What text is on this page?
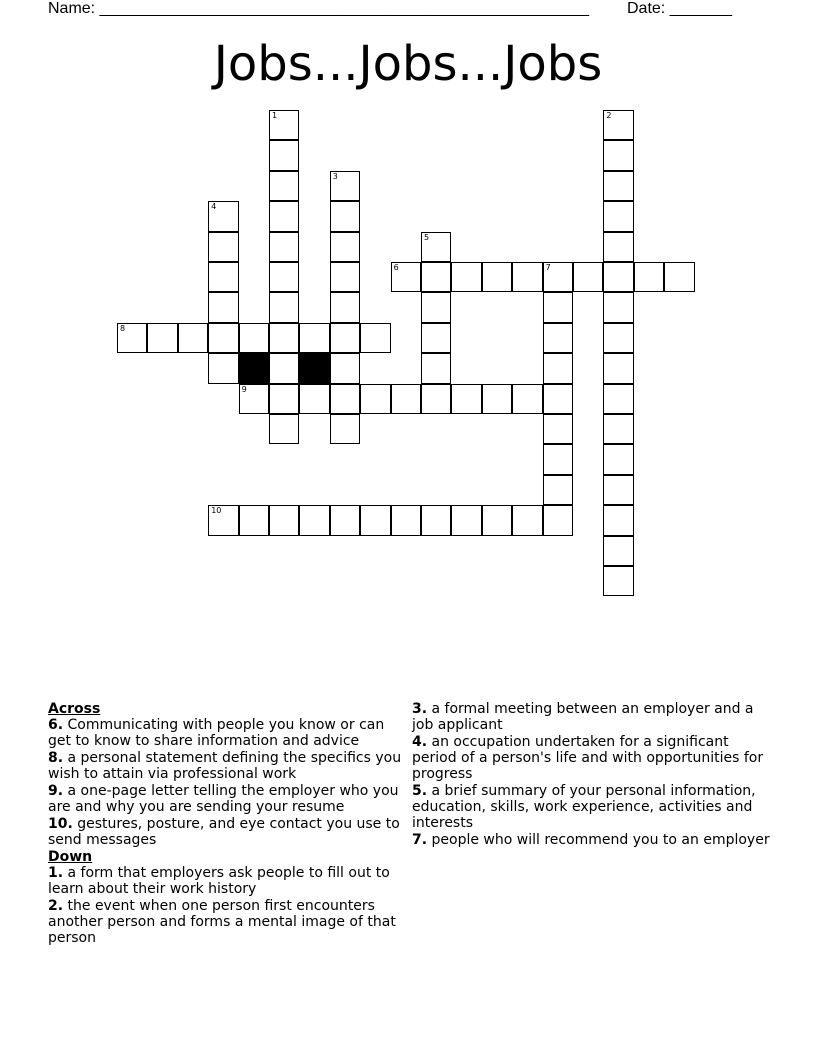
Name: _______________________________________________________ Date: _______
Jobs...Jobs...Jobs
6	7
8
9
10
1	2
3
4
5
Across
6. Communicating with people you know or can get to know to share information and advice
8. a personal statement defining the specifics you wish to attain via professional work
9. a one-page letter telling the employer who you are and why you are sending your resume
10. gestures, posture, and eye contact you use to send messages
Down
1. a form that employers ask people to fill out to learn about their work history
2. the event when one person first encounters another person and forms a mental image of that person
3. a formal meeting between an employer and a job applicant
4. an occupation undertaken for a significant period of a person's life and with opportunities for progress
5. a brief summary of your personal information, education, skills, work experience, activities and interests
7. people who will recommend you to an employer
